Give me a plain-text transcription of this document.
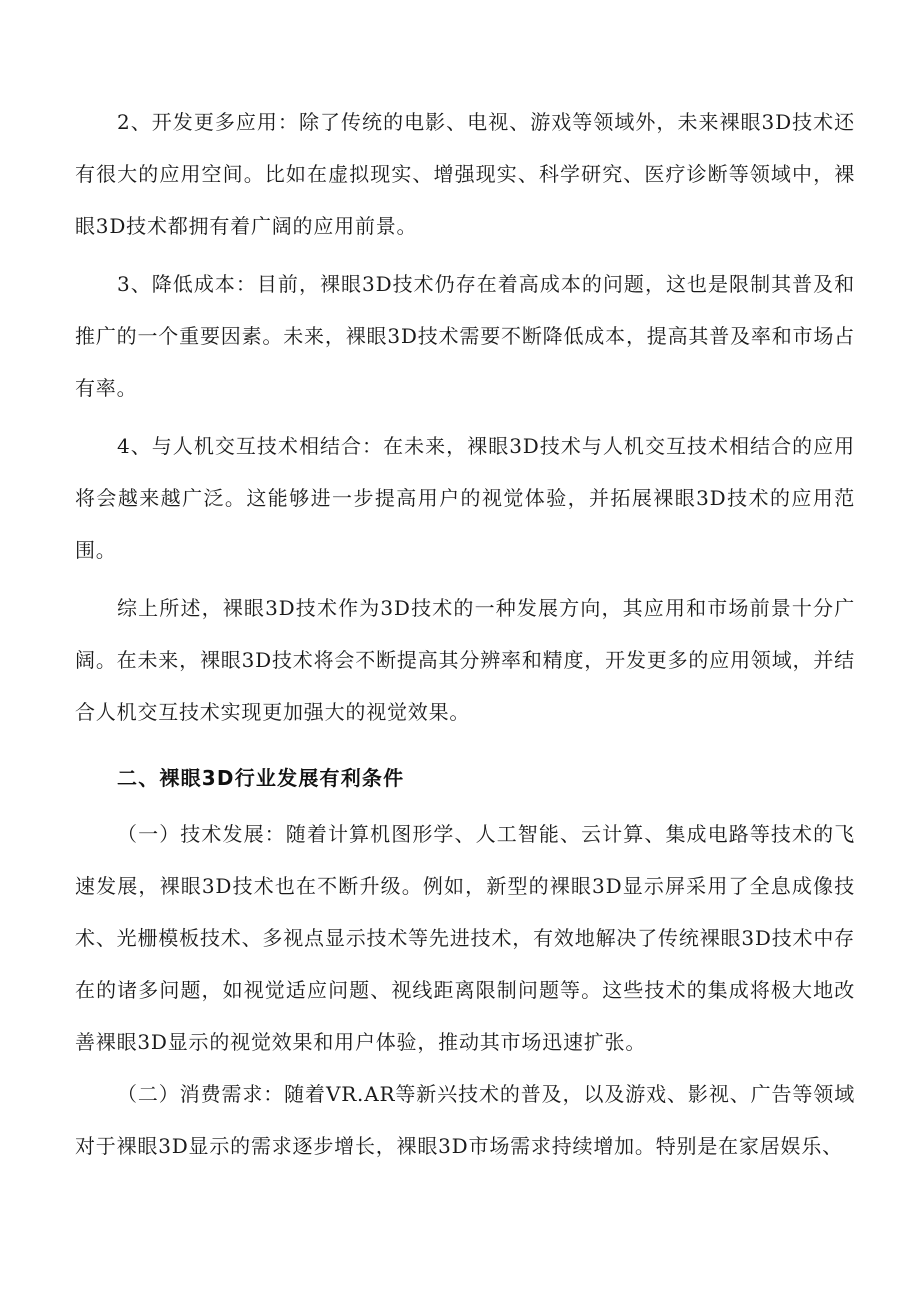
2、开发更多应用：除了传统的电影、电视、游戏等领域外，未来裸眼3D技术还有很大的应用空间。比如在虚拟现实、增强现实、科学研究、医疗诊断等领域中，裸眼3D技术都拥有着广阔的应用前景。

3、降低成本：目前，裸眼3D技术仍存在着高成本的问题，这也是限制其普及和推广的一个重要因素。未来，裸眼3D技术需要不断降低成本，提高其普及率和市场占有率。

4、与人机交互技术相结合：在未来，裸眼3D技术与人机交互技术相结合的应用将会越来越广泛。这能够进一步提高用户的视觉体验，并拓展裸眼3D技术的应用范围。

综上所述，裸眼3D技术作为3D技术的一种发展方向，其应用和市场前景十分广阔。在未来，裸眼3D技术将会不断提高其分辨率和精度，开发更多的应用领域，并结合人机交互技术实现更加强大的视觉效果。

二、裸眼3D行业发展有利条件

（一）技术发展：随着计算机图形学、人工智能、云计算、集成电路等技术的飞速发展，裸眼3D技术也在不断升级。例如，新型的裸眼3D显示屏采用了全息成像技术、光栅模板技术、多视点显示技术等先进技术，有效地解决了传统裸眼3D技术中存在的诸多问题，如视觉适应问题、视线距离限制问题等。这些技术的集成将极大地改善裸眼3D显示的视觉效果和用户体验，推动其市场迅速扩张。

（二）消费需求：随着VR.AR等新兴技术的普及，以及游戏、影视、广告等领域对于裸眼3D显示的需求逐步增长，裸眼3D市场需求持续增加。特别是在家居娱乐、
